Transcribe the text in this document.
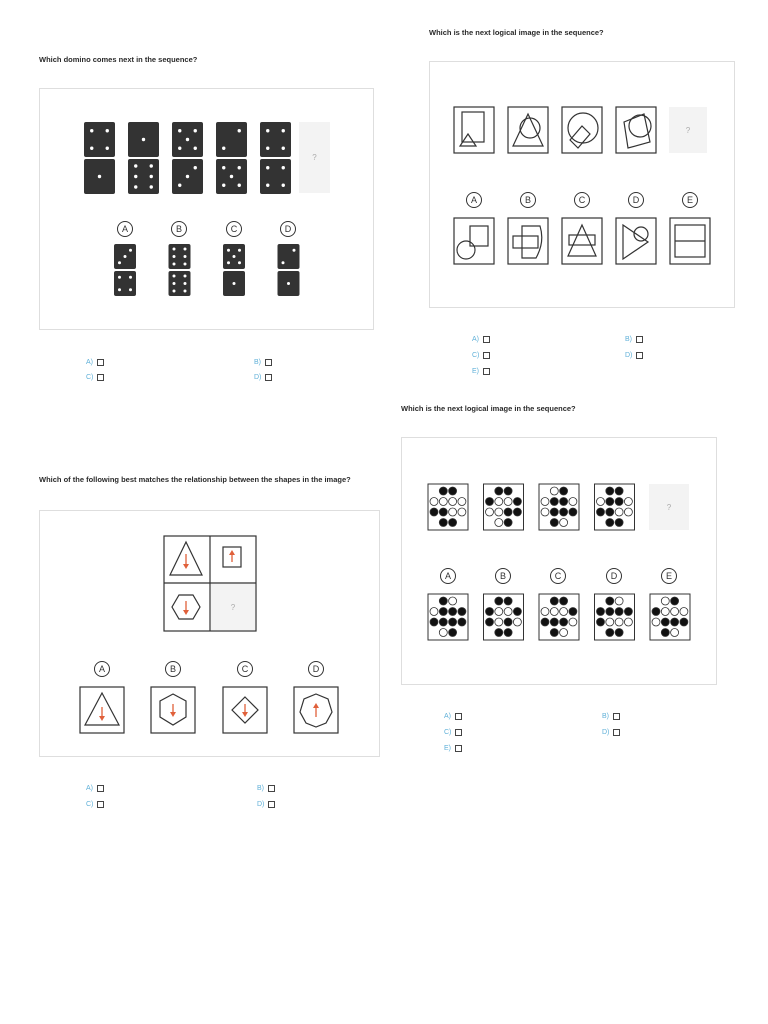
Which domino comes next in the sequence?
?
A	B	C	D
A)	B)
C)	D)
Which is the next logical image in the sequence?
?
A	B	C	D	E
A)	B)
C)	D)
E)
Which of the following best matches the relationship between the shapes in the image?
?
A	B	C	D
A)	B)
C)	D)
Which is the next logical image in the sequence?
?
A	B	C	D	E
A)	B)
C)	D)
E)
